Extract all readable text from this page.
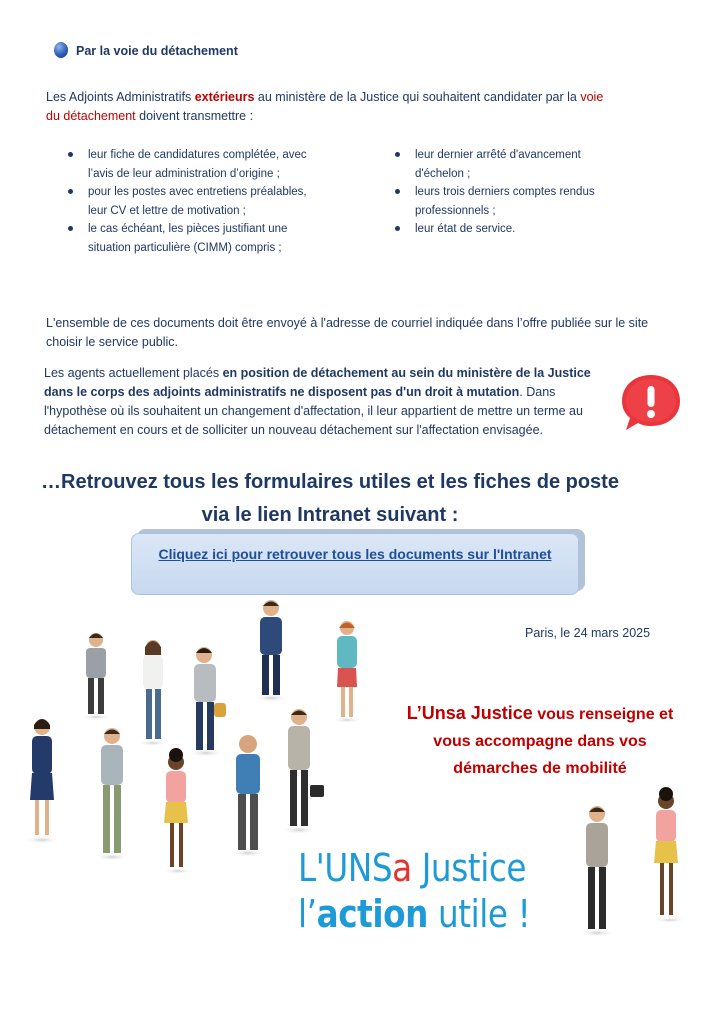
Par la voie du détachement
Les Adjoints Administratifs extérieurs au ministère de la Justice qui souhaitent candidater par la voie
du détachement doivent transmettre :
leur fiche de candidatures complétée, avec l’avis de leur administration d’origine ;
pour les postes avec entretiens préalables, leur CV et lettre de motivation ;
le cas échéant, les pièces justifiant une situation particulière (CIMM) compris ;
leur dernier arrêté d'avancement d'échelon ;
leurs trois derniers comptes rendus professionnels ;
leur état de service.
L'ensemble de ces documents doit être envoyé à l'adresse de courriel indiquée dans l’offre publiée sur le site choisir le service public.
Les agents actuellement placés en position de détachement au sein du ministère de la Justice dans le corps des adjoints administratifs ne disposent pas d'un droit à mutation. Dans l'hypothèse où ils souhaitent un changement d'affectation, il leur appartient de mettre un terme au détachement en cours et de solliciter un nouveau détachement sur l'affectation envisagée.
…Retrouvez tous les formulaires utiles et les fiches de poste
via le lien Intranet suivant :
Cliquez ici pour retrouver tous les documents sur l'Intranet
Paris, le 24 mars 2025
L’Unsa Justice vous renseigne et
vous accompagne dans vos
démarches de mobilité
L'UNSa Justice
l’action utile !
